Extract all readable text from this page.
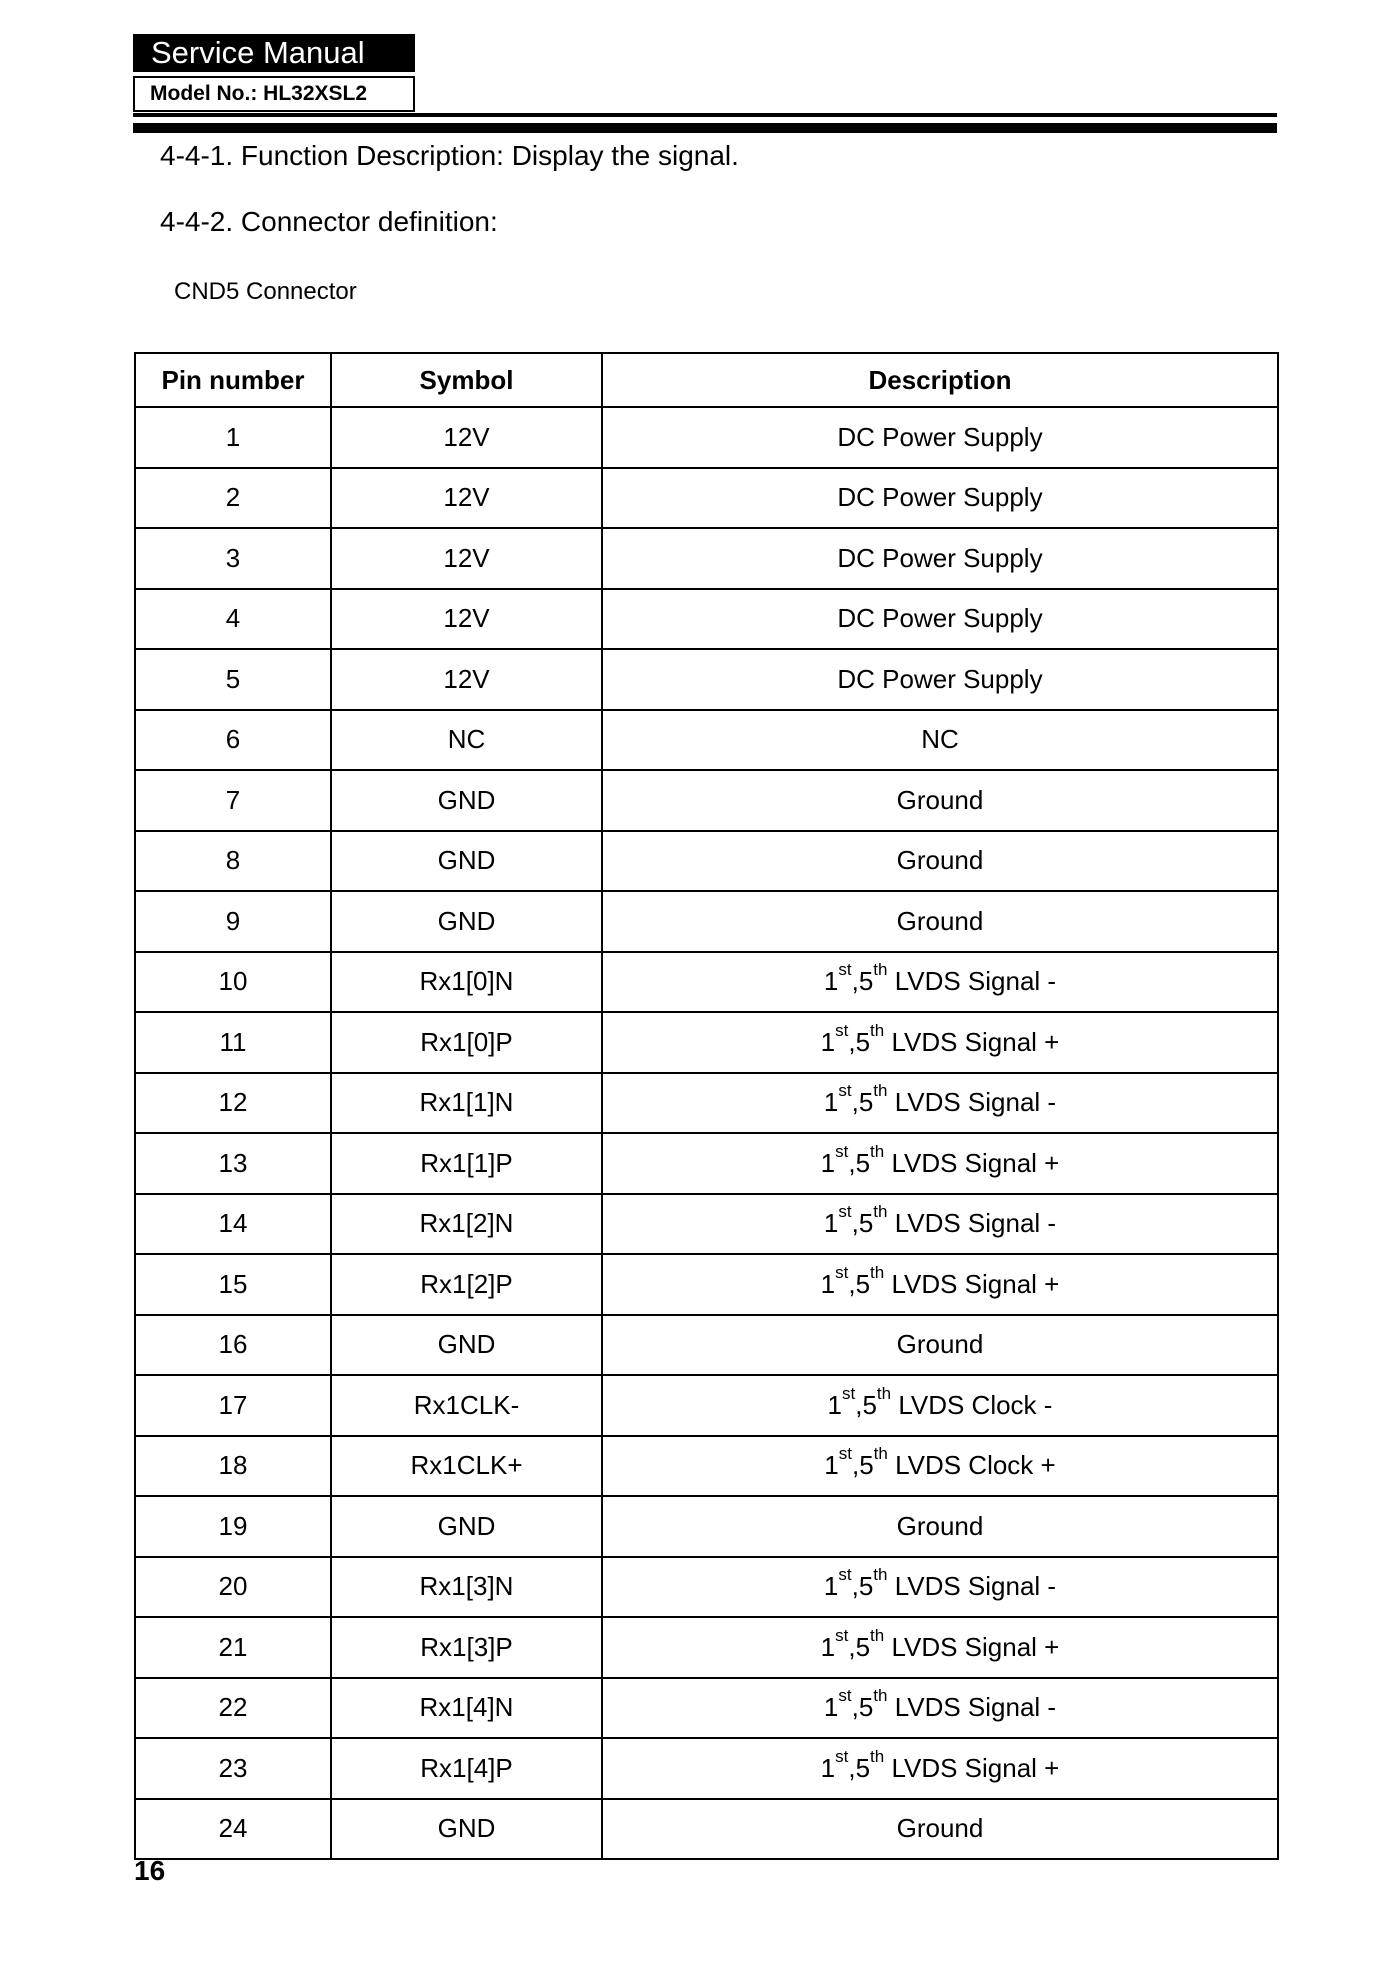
Service Manual
Model No.: HL32XSL2
4-4-1. Function Description: Display the signal.
4-4-2. Connector definition:
CND5 Connector
Pin number	Symbol	Description
1	12V	DC Power Supply
2	12V	DC Power Supply
3	12V	DC Power Supply
4	12V	DC Power Supply
5	12V	DC Power Supply
6	NC	NC
7	GND	Ground
8	GND	Ground
9	GND	Ground
10	Rx1[0]N	1st,5th LVDS Signal -
11	Rx1[0]P	1st,5th LVDS Signal +
12	Rx1[1]N	1st,5th LVDS Signal -
13	Rx1[1]P	1st,5th LVDS Signal +
14	Rx1[2]N	1st,5th LVDS Signal -
15	Rx1[2]P	1st,5th LVDS Signal +
16	GND	Ground
17	Rx1CLK-	1st,5th LVDS Clock -
18	Rx1CLK+	1st,5th LVDS Clock +
19	GND	Ground
20	Rx1[3]N	1st,5th LVDS Signal -
21	Rx1[3]P	1st,5th LVDS Signal +
22	Rx1[4]N	1st,5th LVDS Signal -
23	Rx1[4]P	1st,5th LVDS Signal +
24	GND	Ground
16
